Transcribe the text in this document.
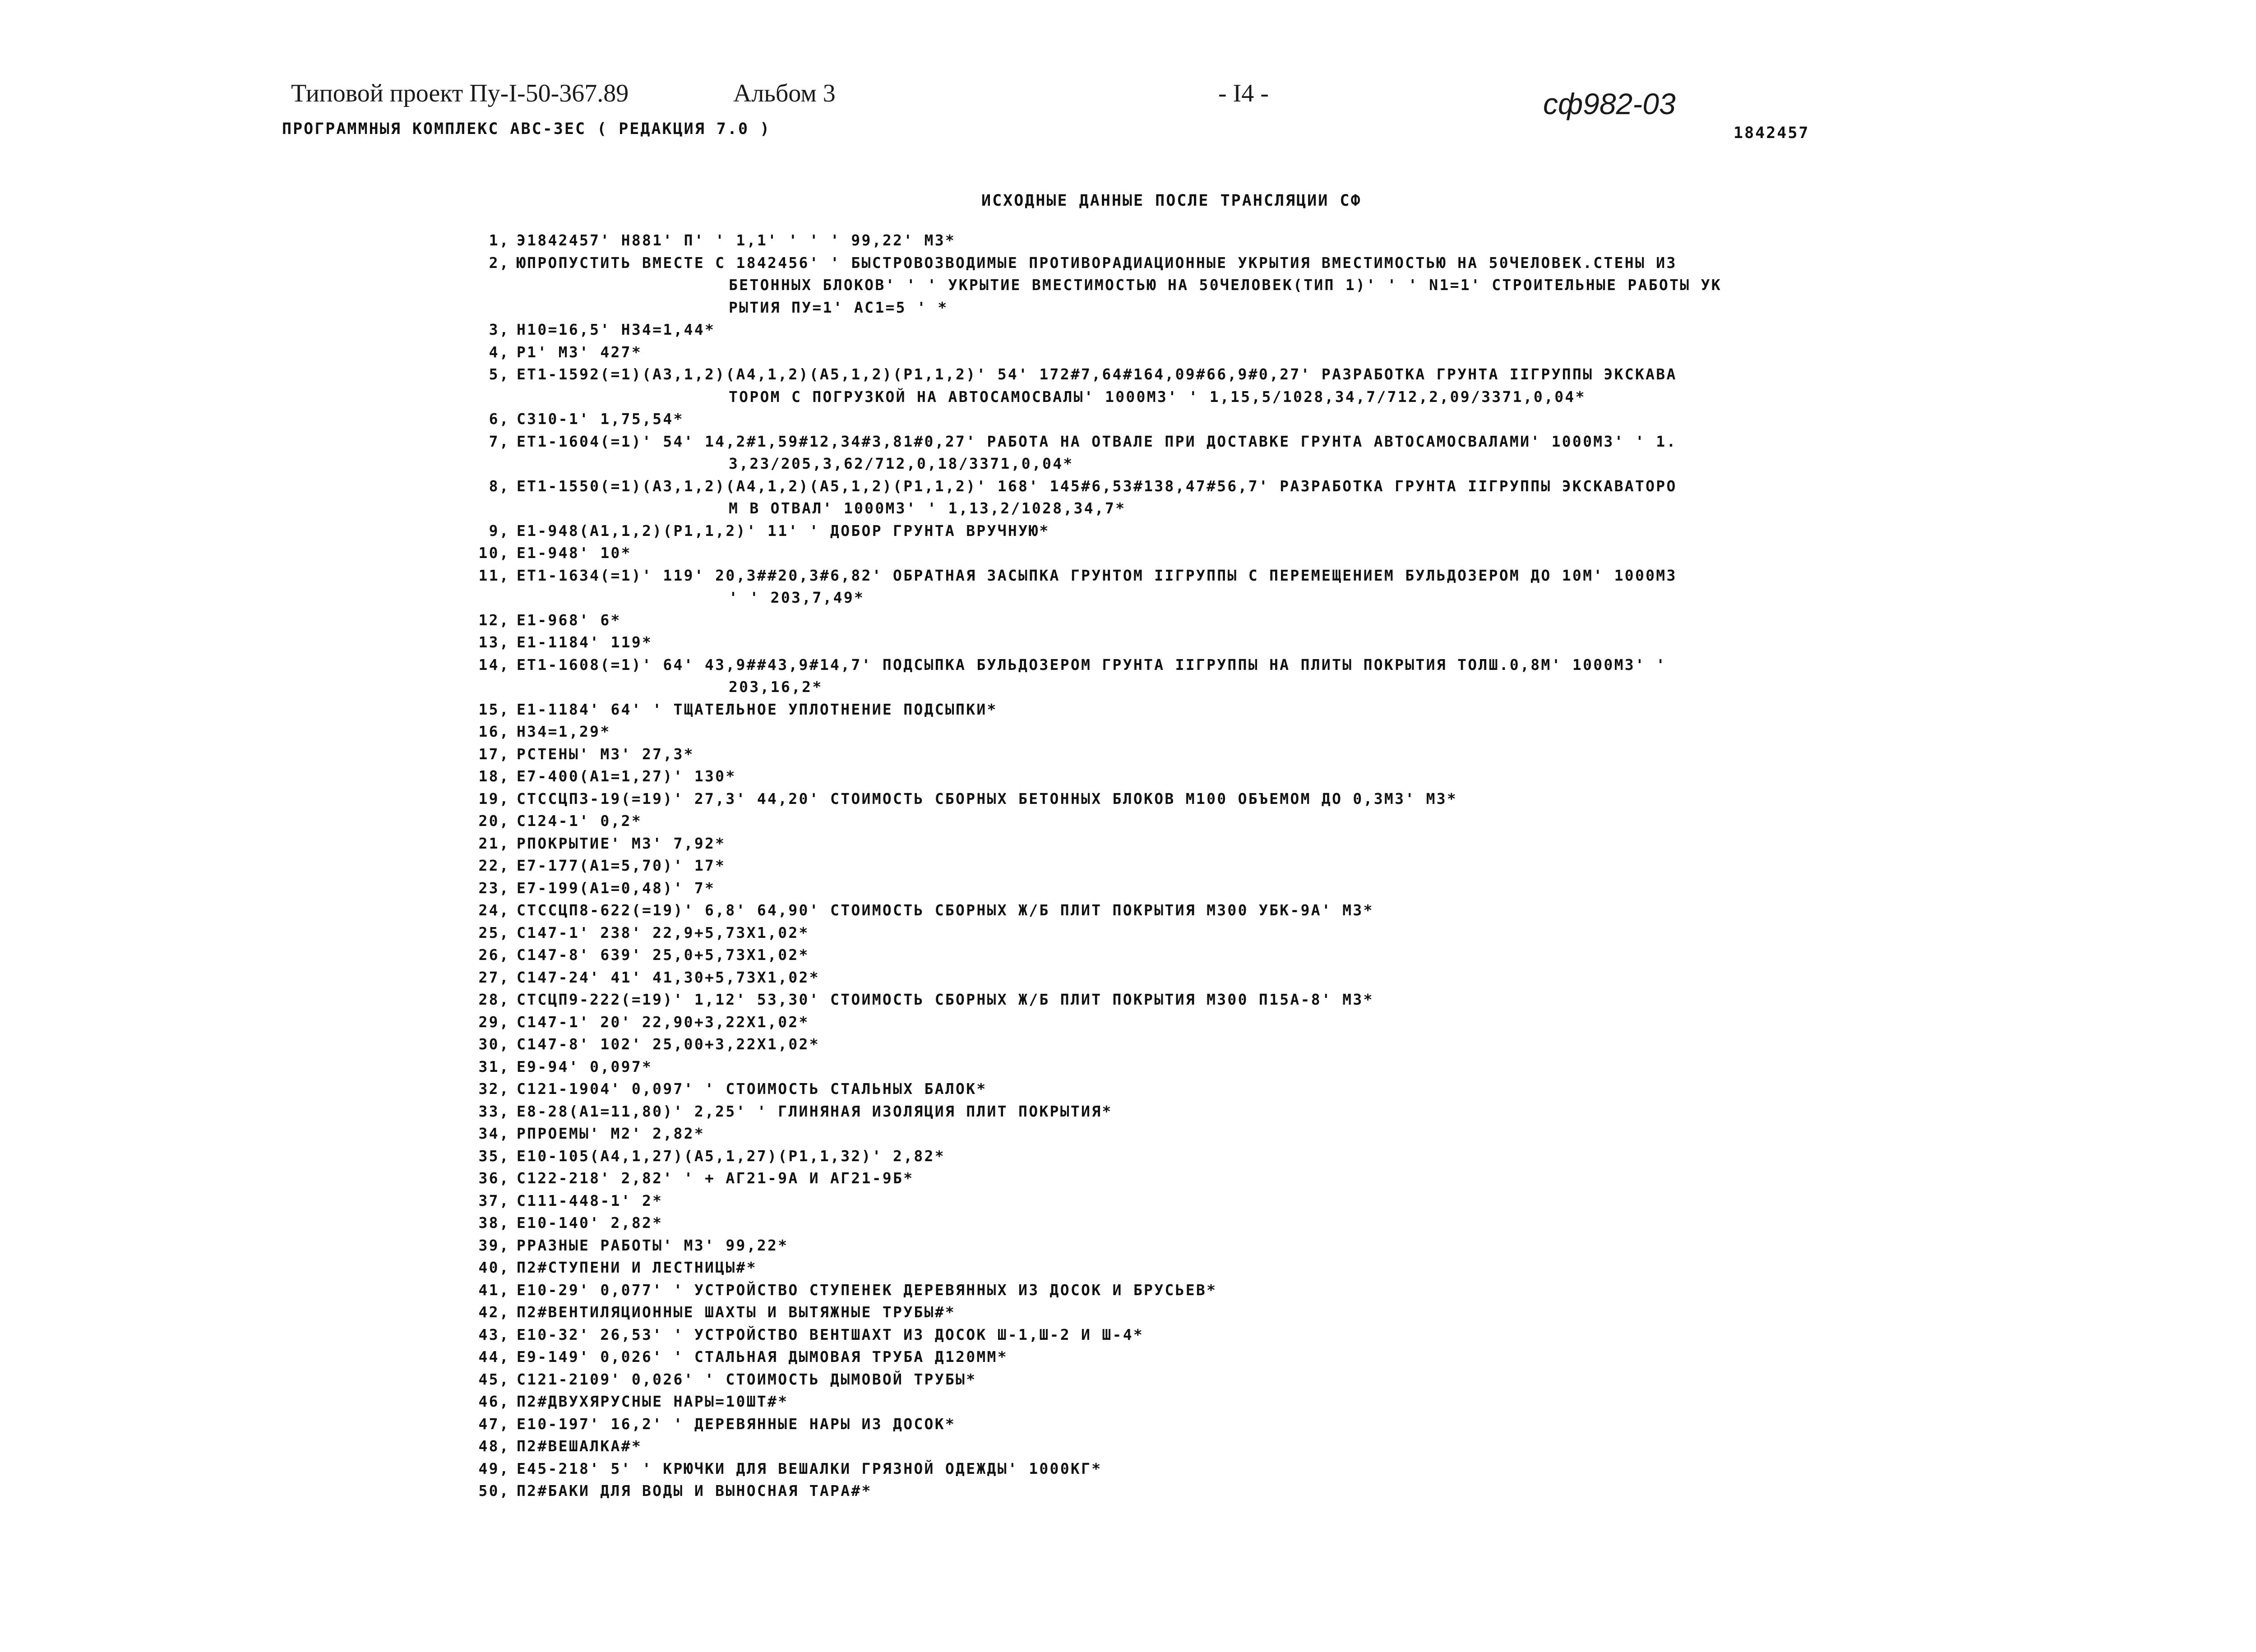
Типовой проект Пу-I-50-367.89	Альбом 3	- I4 -	сф982-03
ПРОГРАММНЫЯ КОМПЛЕКС АВС-3ЕС ( РЕДАКЦИЯ 7.0 )	1842457
ИСХОДНЫЕ ДАННЫЕ ПОСЛЕ ТРАНСЛЯЦИИ СФ
1, Э1842457' Н881' П' ' 1,1' ' ' ' 99,22' М3*
2, ЮПРОПУСТИТЬ ВМЕСТЕ С 1842456' ' БЫСТРОВОЗВОДИМЫЕ ПРОТИВОРАДИАЦИОННЫЕ УКРЫТИЯ ВМЕСТИМОСТЬЮ НА 50ЧЕЛОВЕК.СТЕНЫ ИЗ
БЕТОННЫХ БЛОКОВ' ' ' УКРЫТИЕ ВМЕСТИМОСТЬЮ НА 50ЧЕЛОВЕК(ТИП 1)' ' ' N1=1' СТРОИТЕЛЬНЫЕ РАБОТЫ УК
РЫТИЯ ПУ=1' АС1=5 ' *
3, Н10=16,5' Н34=1,44*
4, Р1' М3' 427*
5, ЕТ1-1592(=1)(А3,1,2)(А4,1,2)(А5,1,2)(Р1,1,2)' 54' 172#7,64#164,09#66,9#0,27' РАЗРАБОТКА ГРУНТА IIГРУППЫ ЭКСКАВА
ТОРОМ С ПОГРУЗКОЙ НА АВТОСАМОСВАЛЫ' 1000М3' ' 1,15,5/1028,34,7/712,2,09/3371,0,04*
6, С310-1' 1,75,54*
7, ЕТ1-1604(=1)' 54' 14,2#1,59#12,34#3,81#0,27' РАБОТА НА ОТВАЛЕ ПРИ ДОСТАВКЕ ГРУНТА АВТОСАМОСВАЛАМИ' 1000М3' ' 1.
3,23/205,3,62/712,0,18/3371,0,04*
8, ЕТ1-1550(=1)(А3,1,2)(А4,1,2)(А5,1,2)(Р1,1,2)' 168' 145#6,53#138,47#56,7' РАЗРАБОТКА ГРУНТА IIГРУППЫ ЭКСКАВАТОРО
М В ОТВАЛ' 1000М3' ' 1,13,2/1028,34,7*
9, Е1-948(А1,1,2)(Р1,1,2)' 11' ' ДОБОР ГРУНТА ВРУЧНУЮ*
10, Е1-948' 10*
11, ЕТ1-1634(=1)' 119' 20,3##20,3#6,82' ОБРАТНАЯ ЗАСЫПКА ГРУНТОМ IIГРУППЫ С ПЕРЕМЕЩЕНИЕМ БУЛЬДОЗЕРОМ ДО 10М' 1000М3
' ' 203,7,49*
12, Е1-968' 6*
13, Е1-1184' 119*
14, ЕТ1-1608(=1)' 64' 43,9##43,9#14,7' ПОДСЫПКА БУЛЬДОЗЕРОМ ГРУНТА IIГРУППЫ НА ПЛИТЫ ПОКРЫТИЯ ТОЛШ.0,8М' 1000М3' '
203,16,2*
15, Е1-1184' 64' ' ТЩАТЕЛЬНОЕ УПЛОТНЕНИЕ ПОДСЫПКИ*
16, Н34=1,29*
17, РСТЕНЫ' М3' 27,3*
18, Е7-400(А1=1,27)' 130*
19, СТССЦП3-19(=19)' 27,3' 44,20' СТОИМОСТЬ СБОРНЫХ БЕТОННЫХ БЛОКОВ М100 ОБЪЕМОМ ДО 0,3М3' М3*
20, С124-1' 0,2*
21, РПОКРЫТИЕ' М3' 7,92*
22, Е7-177(А1=5,70)' 17*
23, Е7-199(А1=0,48)' 7*
24, СТССЦП8-622(=19)' 6,8' 64,90' СТОИМОСТЬ СБОРНЫХ Ж/Б ПЛИТ ПОКРЫТИЯ М300 УБК-9А' М3*
25, С147-1' 238' 22,9+5,73Х1,02*
26, С147-8' 639' 25,0+5,73Х1,02*
27, С147-24' 41' 41,30+5,73Х1,02*
28, СТСЦП9-222(=19)' 1,12' 53,30' СТОИМОСТЬ СБОРНЫХ Ж/Б ПЛИТ ПОКРЫТИЯ М300 П15А-8' М3*
29, С147-1' 20' 22,90+3,22Х1,02*
30, С147-8' 102' 25,00+3,22Х1,02*
31, Е9-94' 0,097*
32, С121-1904' 0,097' ' СТОИМОСТЬ СТАЛЬНЫХ БАЛОК*
33, Е8-28(А1=11,80)' 2,25' ' ГЛИНЯНАЯ ИЗОЛЯЦИЯ ПЛИТ ПОКРЫТИЯ*
34, РПРОЕМЫ' М2' 2,82*
35, Е10-105(А4,1,27)(А5,1,27)(Р1,1,32)' 2,82*
36, С122-218' 2,82' ' + АГ21-9А И АГ21-9Б*
37, С111-448-1' 2*
38, Е10-140' 2,82*
39, РРАЗНЫЕ РАБОТЫ' М3' 99,22*
40, П2#СТУПЕНИ И ЛЕСТНИЦЫ#*
41, Е10-29' 0,077' ' УСТРОЙСТВО СТУПЕНЕК ДЕРЕВЯННЫХ ИЗ ДОСОК И БРУСЬЕВ*
42, П2#ВЕНТИЛЯЦИОННЫЕ ШАХТЫ И ВЫТЯЖНЫЕ ТРУБЫ#*
43, Е10-32' 26,53' ' УСТРОЙСТВО ВЕНТШАХТ ИЗ ДОСОК Ш-1,Ш-2 И Ш-4*
44, Е9-149' 0,026' ' СТАЛЬНАЯ ДЫМОВАЯ ТРУБА Д120ММ*
45, С121-2109' 0,026' ' СТОИМОСТЬ ДЫМОВОЙ ТРУБЫ*
46, П2#ДВУХЯРУСНЫЕ НАРЫ=10ШТ#*
47, Е10-197' 16,2' ' ДЕРЕВЯННЫЕ НАРЫ ИЗ ДОСОК*
48, П2#ВЕШАЛКА#*
49, Е45-218' 5' ' КРЮЧКИ ДЛЯ ВЕШАЛКИ ГРЯЗНОЙ ОДЕЖДЫ' 1000КГ*
50, П2#БАКИ ДЛЯ ВОДЫ И ВЫНОСНАЯ ТАРА#*
